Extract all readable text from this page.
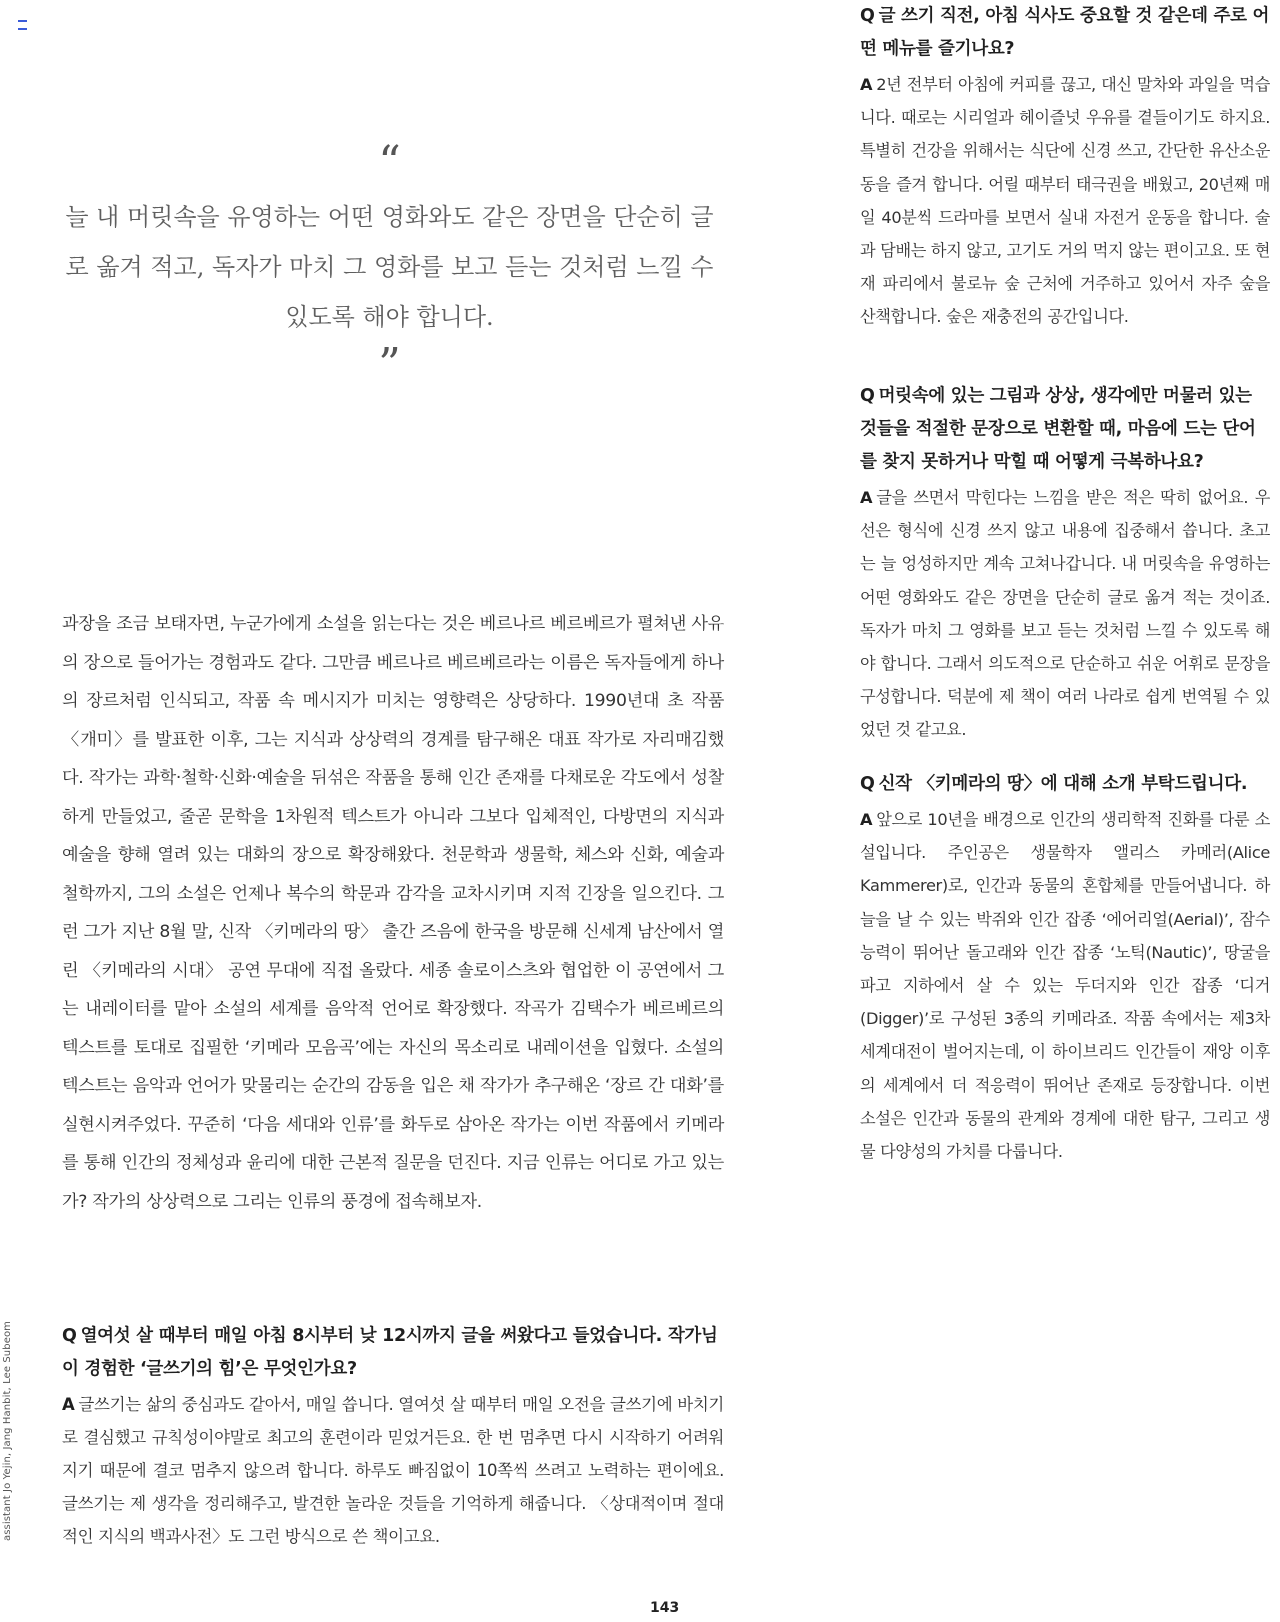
assistant Jo Yejin, Jang Hanbit, Lee Subeom
“
늘 내 머릿속을 유영하는 어떤 영화와도 같은 장면을 단순히 글로 옮겨 적고, 독자가 마치 그 영화를 보고 듣는 것처럼 느낄 수 있도록 해야 합니다.
”

과장을 조금 보태자면, 누군가에게 소설을 읽는다는 것은 베르나르 베르베르가 펼쳐낸 사유의 장으로 들어가는 경험과도 같다. 그만큼 베르나르 베르베르라는 이름은 독자들에게 하나의 장르처럼 인식되고, 작품 속 메시지가 미치는 영향력은 상당하다. 1990년대 초 작품 〈개미〉를 발표한 이후, 그는 지식과 상상력의 경계를 탐구해온 대표 작가로 자리매김했다. 작가는 과학·철학·신화·예술을 뒤섞은 작품을 통해 인간 존재를 다채로운 각도에서 성찰하게 만들었고, 줄곧 문학을 1차원적 텍스트가 아니라 그보다 입체적인, 다방면의 지식과 예술을 향해 열려 있는 대화의 장으로 확장해왔다. 천문학과 생물학, 체스와 신화, 예술과 철학까지, 그의 소설은 언제나 복수의 학문과 감각을 교차시키며 지적 긴장을 일으킨다. 그런 그가 지난 8월 말, 신작 〈키메라의 땅〉 출간 즈음에 한국을 방문해 신세계 남산에서 열린 〈키메라의 시대〉 공연 무대에 직접 올랐다. 세종 솔로이스츠와 협업한 이 공연에서 그는 내레이터를 맡아 소설의 세계를 음악적 언어로 확장했다. 작곡가 김택수가 베르베르의 텍스트를 토대로 집필한 ‘키메라 모음곡’에는 자신의 목소리로 내레이션을 입혔다. 소설의 텍스트는 음악과 언어가 맞물리는 순간의 감동을 입은 채 작가가 추구해온 ‘장르 간 대화’를 실현시켜주었다. 꾸준히 ‘다음 세대와 인류’를 화두로 삼아온 작가는 이번 작품에서 키메라를 통해 인간의 정체성과 윤리에 대한 근본적 질문을 던진다. 지금 인류는 어디로 가고 있는가? 작가의 상상력으로 그리는 인류의 풍경에 접속해보자.

Q 글 쓰기 직전, 아침 식사도 중요할 것 같은데 주로 어떤 메뉴를 즐기나요?

A 2년 전부터 아침에 커피를 끊고, 대신 말차와 과일을 먹습니다. 때로는 시리얼과 헤이즐넛 우유를 곁들이기도 하지요. 특별히 건강을 위해서는 식단에 신경 쓰고, 간단한 유산소운동을 즐겨 합니다. 어릴 때부터 태극권을 배웠고, 20년째 매일 40분씩 드라마를 보면서 실내 자전거 운동을 합니다. 술과 담배는 하지 않고, 고기도 거의 먹지 않는 편이고요. 또 현재 파리에서 불로뉴 숲 근처에 거주하고 있어서 자주 숲을 산책합니다. 숲은 재충전의 공간입니다.

Q 머릿속에 있는 그림과 상상, 생각에만 머물러 있는 것들을 적절한 문장으로 변환할 때, 마음에 드는 단어를 찾지 못하거나 막힐 때 어떻게 극복하나요?

A 글을 쓰면서 막힌다는 느낌을 받은 적은 딱히 없어요. 우선은 형식에 신경 쓰지 않고 내용에 집중해서 씁니다. 초고는 늘 엉성하지만 계속 고쳐나갑니다. 내 머릿속을 유영하는 어떤 영화와도 같은 장면을 단순히 글로 옮겨 적는 것이죠. 독자가 마치 그 영화를 보고 듣는 것처럼 느낄 수 있도록 해야 합니다. 그래서 의도적으로 단순하고 쉬운 어휘로 문장을 구성합니다. 덕분에 제 책이 여러 나라로 쉽게 번역될 수 있었던 것 같고요.

Q 신작 〈키메라의 땅〉에 대해 소개 부탁드립니다.

A 앞으로 10년을 배경으로 인간의 생리학적 진화를 다룬 소설입니다. 주인공은 생물학자 앨리스 카메러(Alice Kammerer)로, 인간과 동물의 혼합체를 만들어냅니다. 하늘을 날 수 있는 박쥐와 인간 잡종 ‘에어리얼(Aerial)’, 잠수 능력이 뛰어난 돌고래와 인간 잡종 ‘노틱(Nautic)’, 땅굴을 파고 지하에서 살 수 있는 두더지와 인간 잡종 ‘디거(Digger)’로 구성된 3종의 키메라죠. 작품 속에서는 제3차 세계대전이 벌어지는데, 이 하이브리드 인간들이 재앙 이후의 세계에서 더 적응력이 뛰어난 존재로 등장합니다. 이번 소설은 인간과 동물의 관계와 경계에 대한 탐구, 그리고 생물 다양성의 가치를 다룹니다.

Q 열여섯 살 때부터 매일 아침 8시부터 낮 12시까지 글을 써왔다고 들었습니다. 작가님이 경험한 ‘글쓰기의 힘’은 무엇인가요?

A 글쓰기는 삶의 중심과도 같아서, 매일 씁니다. 열여섯 살 때부터 매일 오전을 글쓰기에 바치기로 결심했고 규칙성이야말로 최고의 훈련이라 믿었거든요. 한 번 멈추면 다시 시작하기 어려워지기 때문에 결코 멈추지 않으려 합니다. 하루도 빠짐없이 10쪽씩 쓰려고 노력하는 편이에요. 글쓰기는 제 생각을 정리해주고, 발견한 놀라운 것들을 기억하게 해줍니다. 〈상대적이며 절대적인 지식의 백과사전〉도 그런 방식으로 쓴 책이고요.

143
